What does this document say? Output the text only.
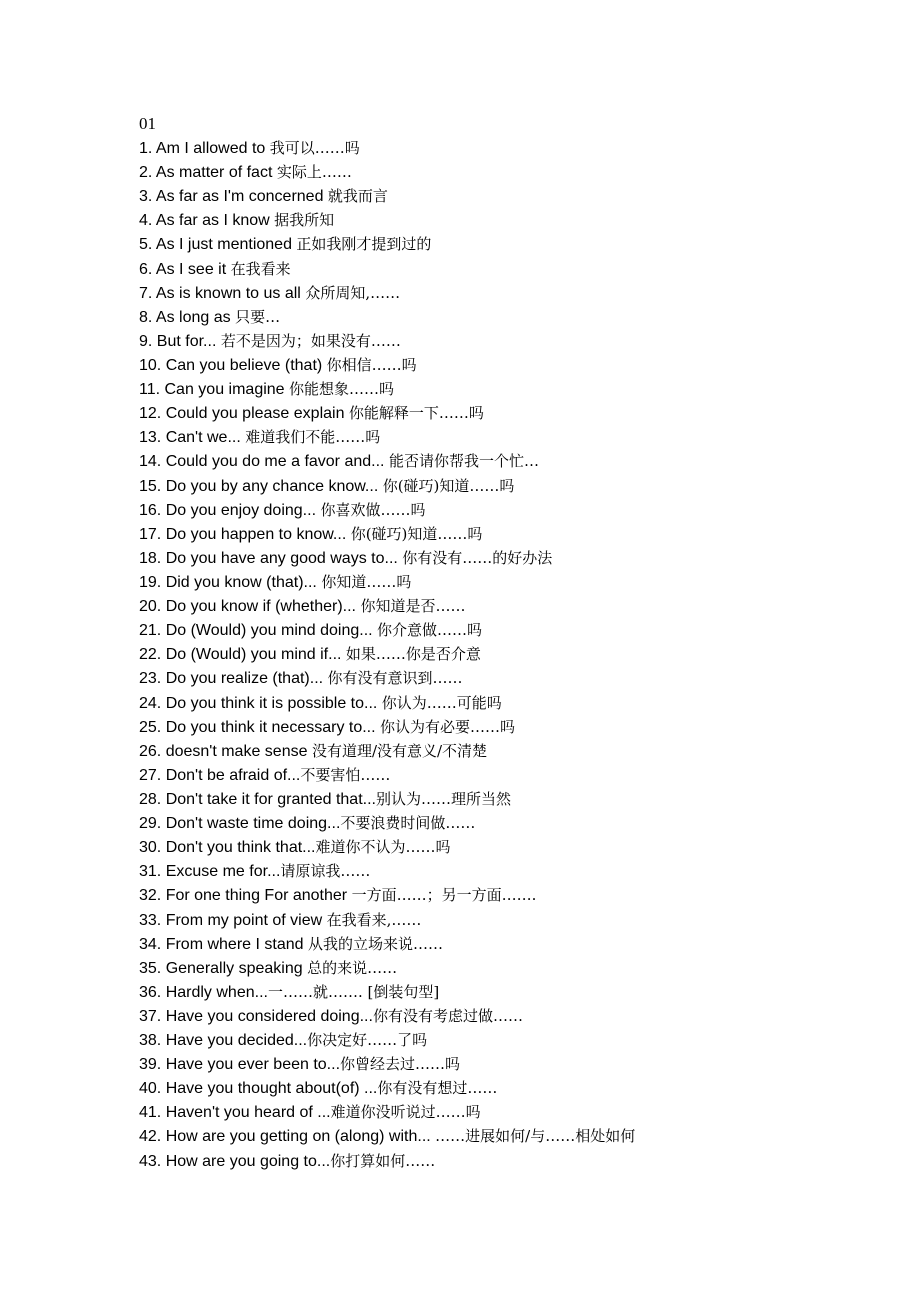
01
1. Am I allowed to 我可以……吗
2. As matter of fact 实际上……
3. As far as I'm concerned 就我而言
4. As far as I know 据我所知
5. As I just mentioned 正如我刚才提到过的
6. As I see it 在我看来
7. As is known to us all 众所周知,……
8. As long as 只要…
9. But for... 若不是因为；如果没有……
10. Can you believe (that) 你相信……吗
11. Can you imagine 你能想象……吗
12. Could you please explain 你能解释一下……吗
13. Can't we... 难道我们不能……吗
14. Could you do me a favor and... 能否请你帮我一个忙…
15. Do you by any chance know... 你(碰巧)知道……吗
16. Do you enjoy doing... 你喜欢做……吗
17. Do you happen to know... 你(碰巧)知道……吗
18. Do you have any good ways to... 你有没有……的好办法
19. Did you know (that)... 你知道……吗
20. Do you know if (whether)... 你知道是否……
21. Do (Would) you mind doing... 你介意做……吗
22. Do (Would) you mind if... 如果……你是否介意
23. Do you realize (that)... 你有没有意识到……
24. Do you think it is possible to... 你认为……可能吗
25. Do you think it necessary to... 你认为有必要……吗
26. doesn't make sense 没有道理/没有意义/不清楚
27. Don't be afraid of...不要害怕……
28. Don't take it for granted that...别认为……理所当然
29. Don't waste time doing...不要浪费时间做……
30. Don't you think that...难道你不认为……吗
31. Excuse me for...请原谅我……
32. For one thing For another 一方面……；另一方面…….
33. From my point of view 在我看来,……
34. From where I stand 从我的立场来说……
35. Generally speaking 总的来说……
36. Hardly when...一……就……. [倒装句型]
37. Have you considered doing...你有没有考虑过做……
38. Have you decided...你决定好……了吗
39. Have you ever been to...你曾经去过……吗
40. Have you thought about(of) ...你有没有想过……
41. Haven't you heard of ...难道你没听说过……吗
42. How are you getting on (along) with... ……进展如何/与……相处如何
43. How are you going to...你打算如何……
